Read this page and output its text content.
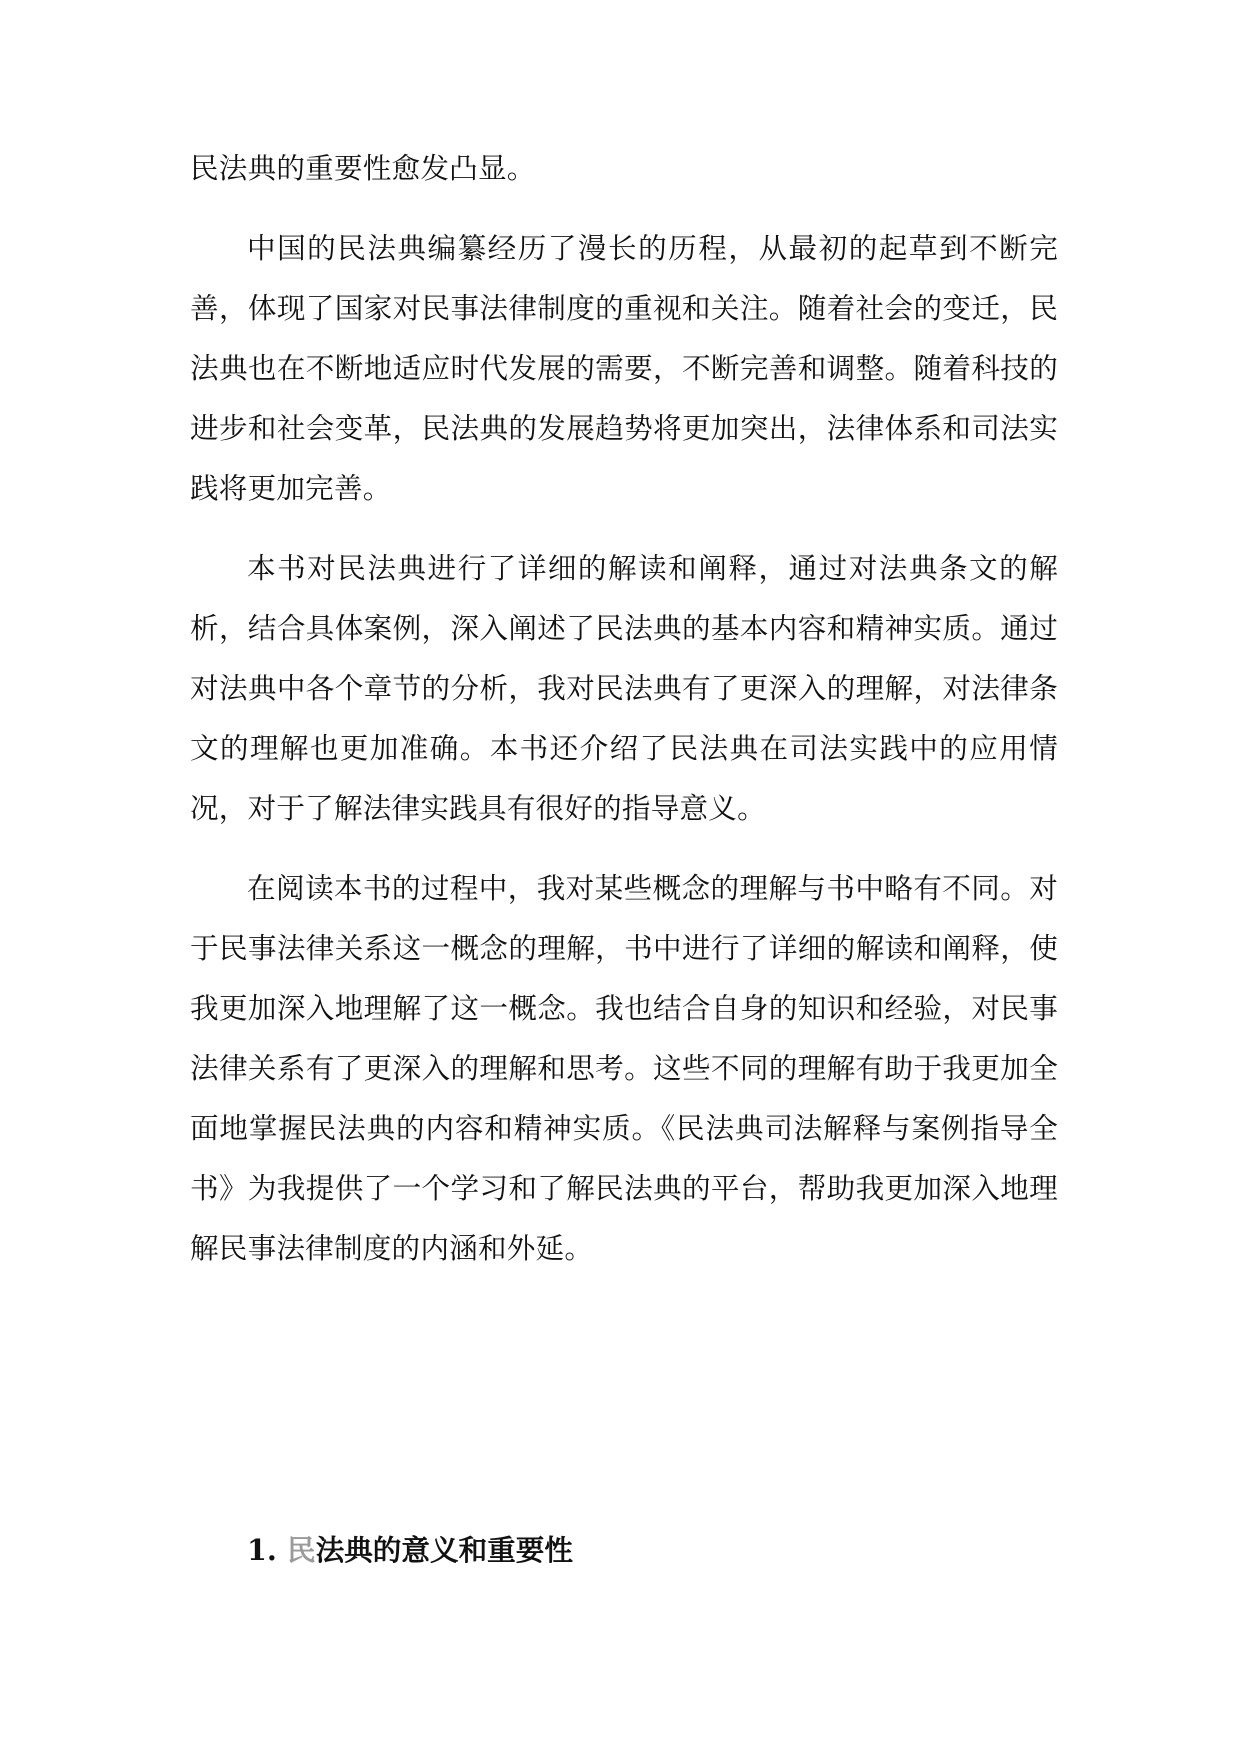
民法典的重要性愈发凸显。

中国的民法典编纂经历了漫长的历程，从最初的起草到不断完善，体现了国家对民事法律制度的重视和关注。随着社会的变迁，民法典也在不断地适应时代发展的需要，不断完善和调整。随着科技的进步和社会变革，民法典的发展趋势将更加突出，法律体系和司法实践将更加完善。

本书对民法典进行了详细的解读和阐释，通过对法典条文的解析，结合具体案例，深入阐述了民法典的基本内容和精神实质。通过对法典中各个章节的分析，我对民法典有了更深入的理解，对法律条文的理解也更加准确。本书还介绍了民法典在司法实践中的应用情况，对于了解法律实践具有很好的指导意义。

在阅读本书的过程中，我对某些概念的理解与书中略有不同。对于民事法律关系这一概念的理解，书中进行了详细的解读和阐释，使我更加深入地理解了这一概念。我也结合自身的知识和经验，对民事法律关系有了更深入的理解和思考。这些不同的理解有助于我更加全面地掌握民法典的内容和精神实质。《民法典司法解释与案例指导全书》为我提供了一个学习和了解民法典的平台，帮助我更加深入地理解民事法律制度的内涵和外延。

1. 民法典的意义和重要性
